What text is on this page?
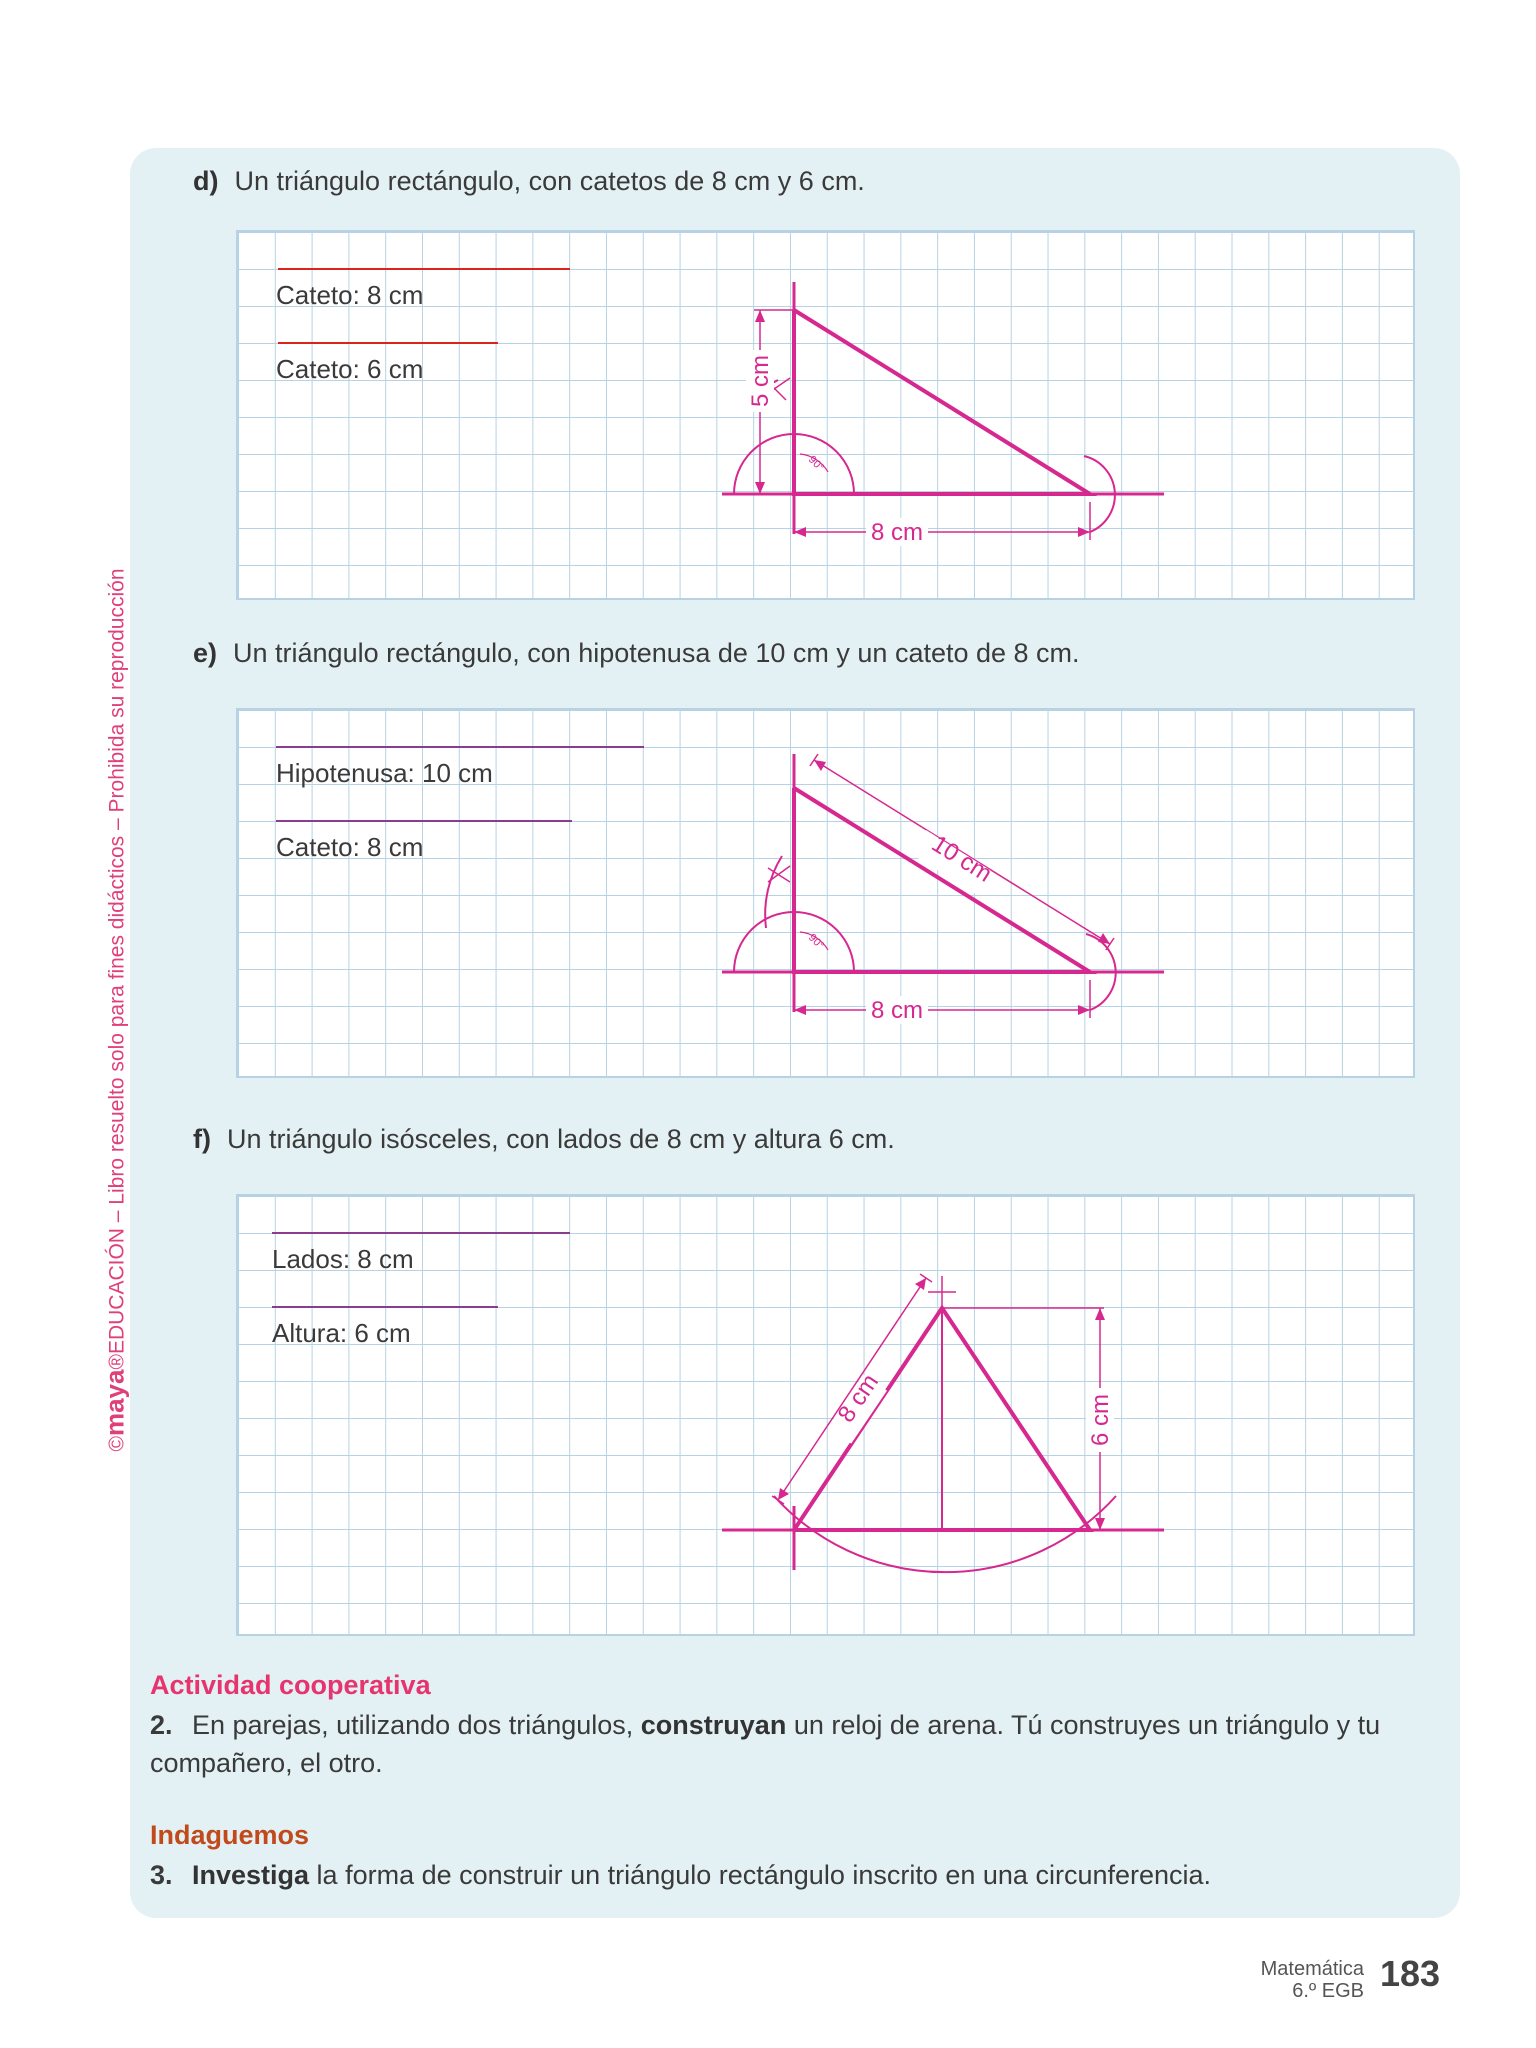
©maya®EDUCACIÓN – Libro resuelto solo para fines didácticos – Prohibida su reproducción
d) Un triángulo rectángulo, con catetos de 8 cm y 6 cm.
Cateto: 8 cm
Cateto: 6 cm
8 cm
5 cm
90°
e) Un triángulo rectángulo, con hipotenusa de 10 cm y un cateto de 8 cm.
Hipotenusa: 10 cm
Cateto: 8 cm
8 cm
10 cm
90°
f) Un triángulo isósceles, con lados de 8 cm y altura 6 cm.
Lados: 8 cm
Altura: 6 cm
8 cm	6 cm
Actividad cooperativa
2. En parejas, utilizando dos triángulos, construyan un reloj de arena. Tú construyes un triángulo y tu compañero, el otro.
Indaguemos
3. Investiga la forma de construir un triángulo rectángulo inscrito en una circunferencia.
Matemática
6.º EGB 183
